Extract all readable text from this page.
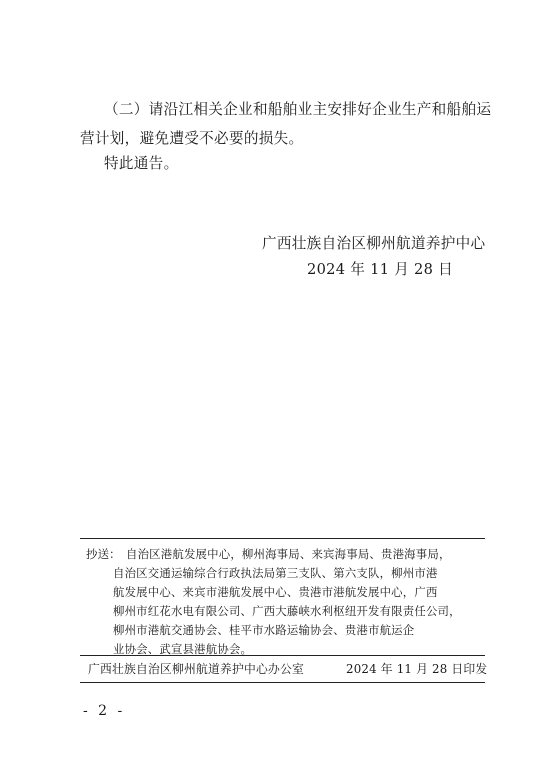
（二）请沿江相关企业和船舶业主安排好企业生产和船舶运
营计划，避免遭受不必要的损失。
特此通告。
广西壮族自治区柳州航道养护中心
2024 年 11 月 28 日
抄送： 自治区港航发展中心，柳州海事局、来宾海事局、贵港海事局，
自治区交通运输综合行政执法局第三支队、第六支队，柳州市港
航发展中心、来宾市港航发展中心、贵港市港航发展中心，广西
柳州市红花水电有限公司、广西大藤峡水利枢纽开发有限责任公司，
柳州市港航交通协会、桂平市水路运输协会、贵港市航运企
业协会、武宣县港航协会。
广西壮族自治区柳州航道养护中心办公室	2024 年 11 月 28 日印发
- 2 -
